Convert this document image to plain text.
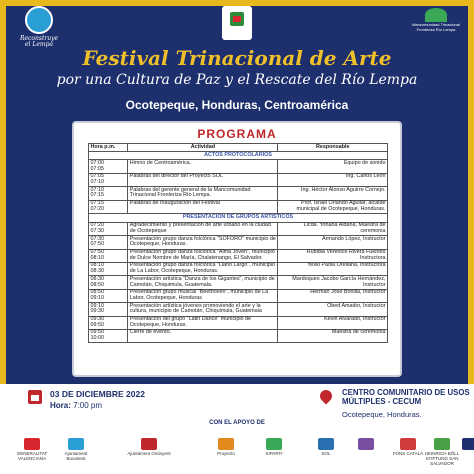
Reconstruye el Lempa
Mancomunidad Trinacional Fronteriza Río Lempa
Festival Trinacional de Arte
por una Cultura de Paz y el Rescate del Río Lempa
Ocotepeque, Honduras, Centroamérica
PROGRAMA
Hora p.m.	Actividad	Responsable
ACTOS PROTOCOLARIOS		
07:00
07:05	Himno de Centroamérica.	Equipo de sonido
07:05
07:10	Palabras del director del Proyecto SOL	Ing. Carlos León
07:10
07:15	Palabras del gerente general de la Mancomunidad Trinacional Fronteriza Río Lempa.	Ing. Héctor Alonso Aguirre Cornejo.
07:15
07:20	Palabras de Inauguración del Festival	Prof. Israel Orlando Aguilar, alcalde municipal de Ocotepeque, Honduras.
PRESENTACIÓN DE GRUPOS ARTÍSTICOS		
07:20
07:30	Agradecimiento y presentación de arte urbano en la ciudad de Ocotepeque	Licda. Yohana Aldana, Maestra de ceremonia
07:30
07:50	Presentación grupo danza folclórica "SOFORO" municipio de Ocotepeque, Honduras.	Armando López, Instructor
07:50
08:10	Presentación grupo danza folclórica "Alma Joven", municipio de Dulce Nombre de María, Chalatenango, El Salvador.	Rubidia Verenice Rivera Fuentes Instructora
08:10
08:30	Presentación grupo danza folclórica "Llano Largo", municipio de La Labor, Ocotepeque, Honduras.	Yeski Paola Orellana, Instructora
08:30
08:50	Presentación artística "Danza de los Gigantes", municipio de Camotán, Chiquimula, Guatemala.	Mardoqueo Jacobo García Hernández, Instructor
08:50
09:10	Presentación grupo musical "Beethoven", municipio de La Labor, Ocotepeque, Honduras	Herman José Bonilla, Instructor
09:10
09:30	Presentación artística jóvenes promoviendo el arte y la cultura, municipio de Camotán, Chiquimula, Guatemala	Obed Amador, Instructor
09:30
09:50	Presentación del grupo "Latin Dance" municipio de Ocotepeque, Honduras.	Kevin Alvarado, Instructor
09:50
10:00	Cierre de evento.	Maestra de ceremonia
03 DE DICIEMBRE 2022
Hora: 7:00 pm
CENTRO COMUNITARIO DE USOS MÚLTIPLES - CECUM
Ocotepeque, Honduras.
CON EL APOYO DE
GENERALITAT VALENCIANA
Ajuntament Bocairent
Ajuntament Ontinyent	Proyecto	SIPARTI	SOL	FONS CATALÀ HEINRICH BÖLL STIFTUNG SAN SALVADOR
